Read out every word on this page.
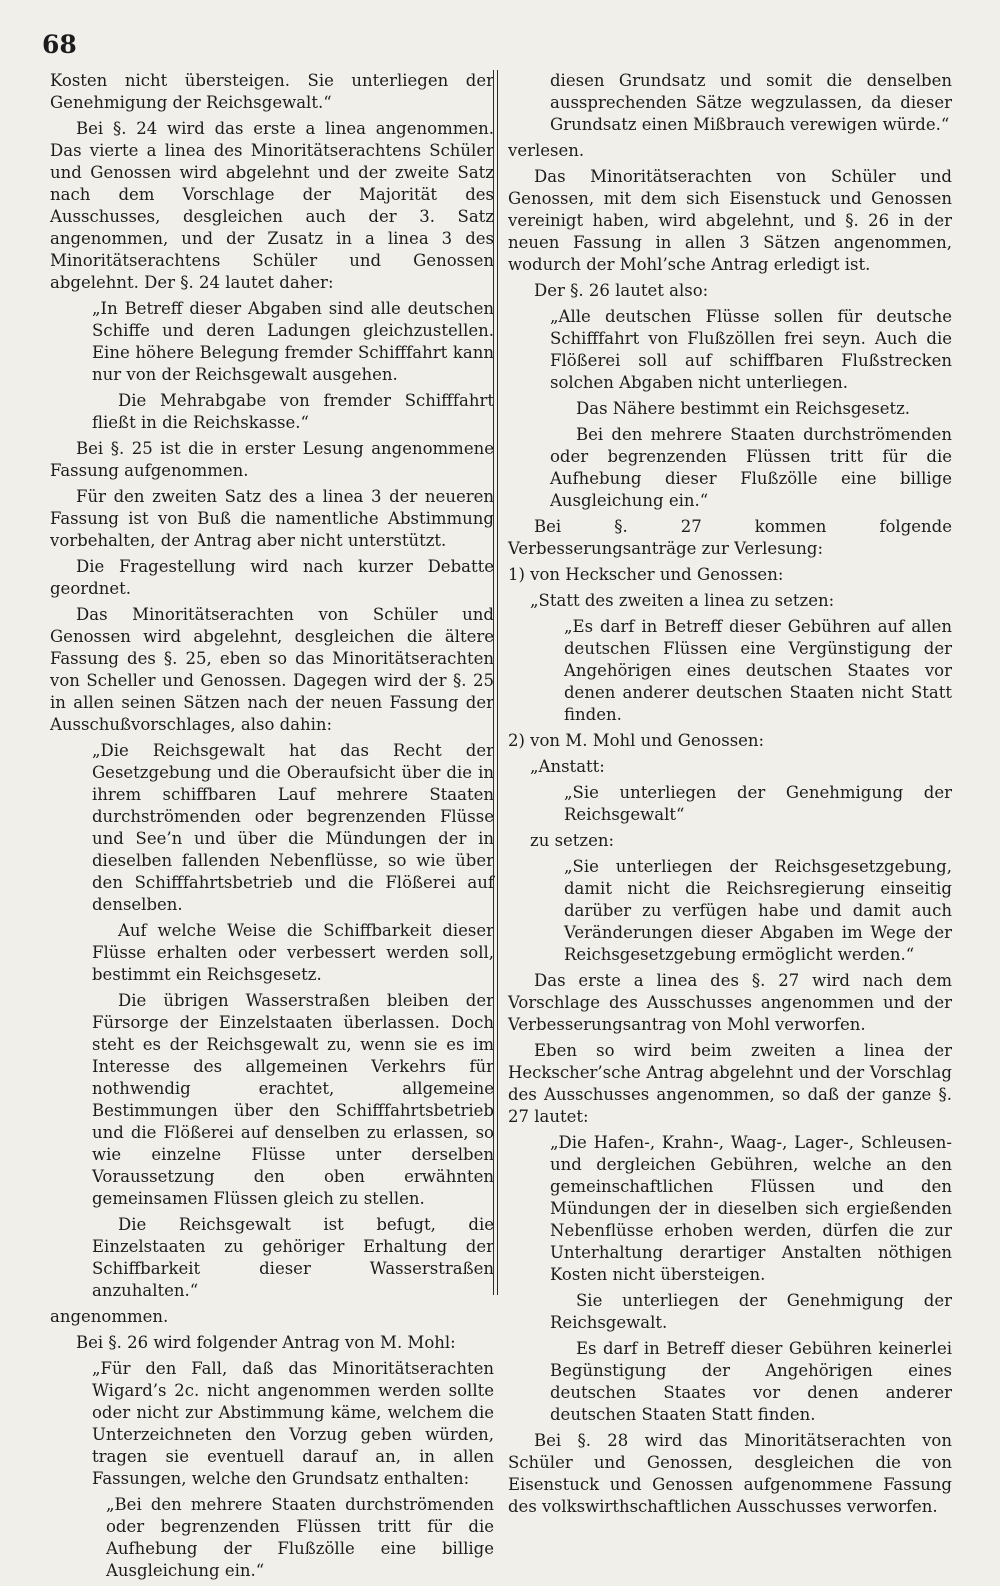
68

Kosten nicht übersteigen. Sie unterliegen der Genehmigung der Reichsgewalt.“

Bei §. 24 wird das erste a linea angenommen. Das vierte a linea des Minoritätserachtens Schüler und Genossen wird abgelehnt und der zweite Satz nach dem Vorschlage der Majorität des Ausschusses, desgleichen auch der 3. Satz angenommen, und der Zusatz in a linea 3 des Minoritätserachtens Schüler und Genossen abgelehnt. Der §. 24 lautet daher:

„In Betreff dieser Abgaben sind alle deutschen Schiffe und deren Ladungen gleichzustellen. Eine höhere Belegung fremder Schifffahrt kann nur von der Reichsgewalt ausgehen.

Die Mehrabgabe von fremder Schifffahrt fließt in die Reichskasse.“

Bei §. 25 ist die in erster Lesung angenommene Fassung aufgenommen.

Für den zweiten Satz des a linea 3 der neueren Fassung ist von Buß die namentliche Abstimmung vorbehalten, der Antrag aber nicht unterstützt.

Die Fragestellung wird nach kurzer Debatte geordnet.

Das Minoritätserachten von Schüler und Genossen wird abgelehnt, desgleichen die ältere Fassung des §. 25, eben so das Minoritätserachten von Scheller und Genossen. Dagegen wird der §. 25 in allen seinen Sätzen nach der neuen Fassung der Ausschußvorschlages, also dahin:

„Die Reichsgewalt hat das Recht der Gesetzgebung und die Oberaufsicht über die in ihrem schiffbaren Lauf mehrere Staaten durchströmenden oder begrenzenden Flüsse und See’n und über die Mündungen der in dieselben fallenden Nebenflüsse, so wie über den Schifffahrtsbetrieb und die Flößerei auf denselben.

Auf welche Weise die Schiffbarkeit dieser Flüsse erhalten oder verbessert werden soll, bestimmt ein Reichsgesetz.

Die übrigen Wasserstraßen bleiben der Fürsorge der Einzelstaaten überlassen. Doch steht es der Reichsgewalt zu, wenn sie es im Interesse des allgemeinen Verkehrs für nothwendig erachtet, allgemeine Bestimmungen über den Schifffahrtsbetrieb und die Flößerei auf denselben zu erlassen, so wie einzelne Flüsse unter derselben Voraussetzung den oben erwähnten gemeinsamen Flüssen gleich zu stellen.

Die Reichsgewalt ist befugt, die Einzelstaaten zu gehöriger Erhaltung der Schiffbarkeit dieser Wasserstraßen anzuhalten.“

angenommen.

Bei §. 26 wird folgender Antrag von M. Mohl:

„Für den Fall, daß das Minoritätserachten Wigard’s 2c. nicht angenommen werden sollte oder nicht zur Abstimmung käme, welchem die Unterzeichneten den Vorzug geben würden, tragen sie eventuell darauf an, in allen Fassungen, welche den Grundsatz enthalten:

„Bei den mehrere Staaten durchströmenden oder begrenzenden Flüssen tritt für die Aufhebung der Flußzölle eine billige Ausgleichung ein.“

diesen Grundsatz und somit die denselben aussprechenden Sätze wegzulassen, da dieser Grundsatz einen Mißbrauch verewigen würde.“

verlesen.

Das Minoritätserachten von Schüler und Genossen, mit dem sich Eisenstuck und Genossen vereinigt haben, wird abgelehnt, und §. 26 in der neuen Fassung in allen 3 Sätzen angenommen, wodurch der Mohl’sche Antrag erledigt ist.

Der §. 26 lautet also:

„Alle deutschen Flüsse sollen für deutsche Schifffahrt von Flußzöllen frei seyn. Auch die Flößerei soll auf schiffbaren Flußstrecken solchen Abgaben nicht unterliegen.

Das Nähere bestimmt ein Reichsgesetz.

Bei den mehrere Staaten durchströmenden oder begrenzenden Flüssen tritt für die Aufhebung dieser Flußzölle eine billige Ausgleichung ein.“

Bei §. 27 kommen folgende Verbesserungsanträge zur Verlesung:

1) von Heckscher und Genossen:

„Statt des zweiten a linea zu setzen:

„Es darf in Betreff dieser Gebühren auf allen deutschen Flüssen eine Vergünstigung der Angehörigen eines deutschen Staates vor denen anderer deutschen Staaten nicht Statt finden.

2) von M. Mohl und Genossen:

„Anstatt:

„Sie unterliegen der Genehmigung der Reichsgewalt“

zu setzen:

„Sie unterliegen der Reichsgesetzgebung, damit nicht die Reichsregierung einseitig darüber zu verfügen habe und damit auch Veränderungen dieser Abgaben im Wege der Reichsgesetzgebung ermöglicht werden.“

Das erste a linea des §. 27 wird nach dem Vorschlage des Ausschusses angenommen und der Verbesserungsantrag von Mohl verworfen.

Eben so wird beim zweiten a linea der Heckscher’sche Antrag abgelehnt und der Vorschlag des Ausschusses angenommen, so daß der ganze §. 27 lautet:

„Die Hafen-, Krahn-, Waag-, Lager-, Schleusen- und dergleichen Gebühren, welche an den gemeinschaftlichen Flüssen und den Mündungen der in dieselben sich ergießenden Nebenflüsse erhoben werden, dürfen die zur Unterhaltung derartiger Anstalten nöthigen Kosten nicht übersteigen.

Sie unterliegen der Genehmigung der Reichsgewalt.

Es darf in Betreff dieser Gebühren keinerlei Begünstigung der Angehörigen eines deutschen Staates vor denen anderer deutschen Staaten Statt finden.

Bei §. 28 wird das Minoritätserachten von Schüler und Genossen, desgleichen die von Eisenstuck und Genossen aufgenommene Fassung des volkswirthschaftlichen Ausschusses verworfen.
